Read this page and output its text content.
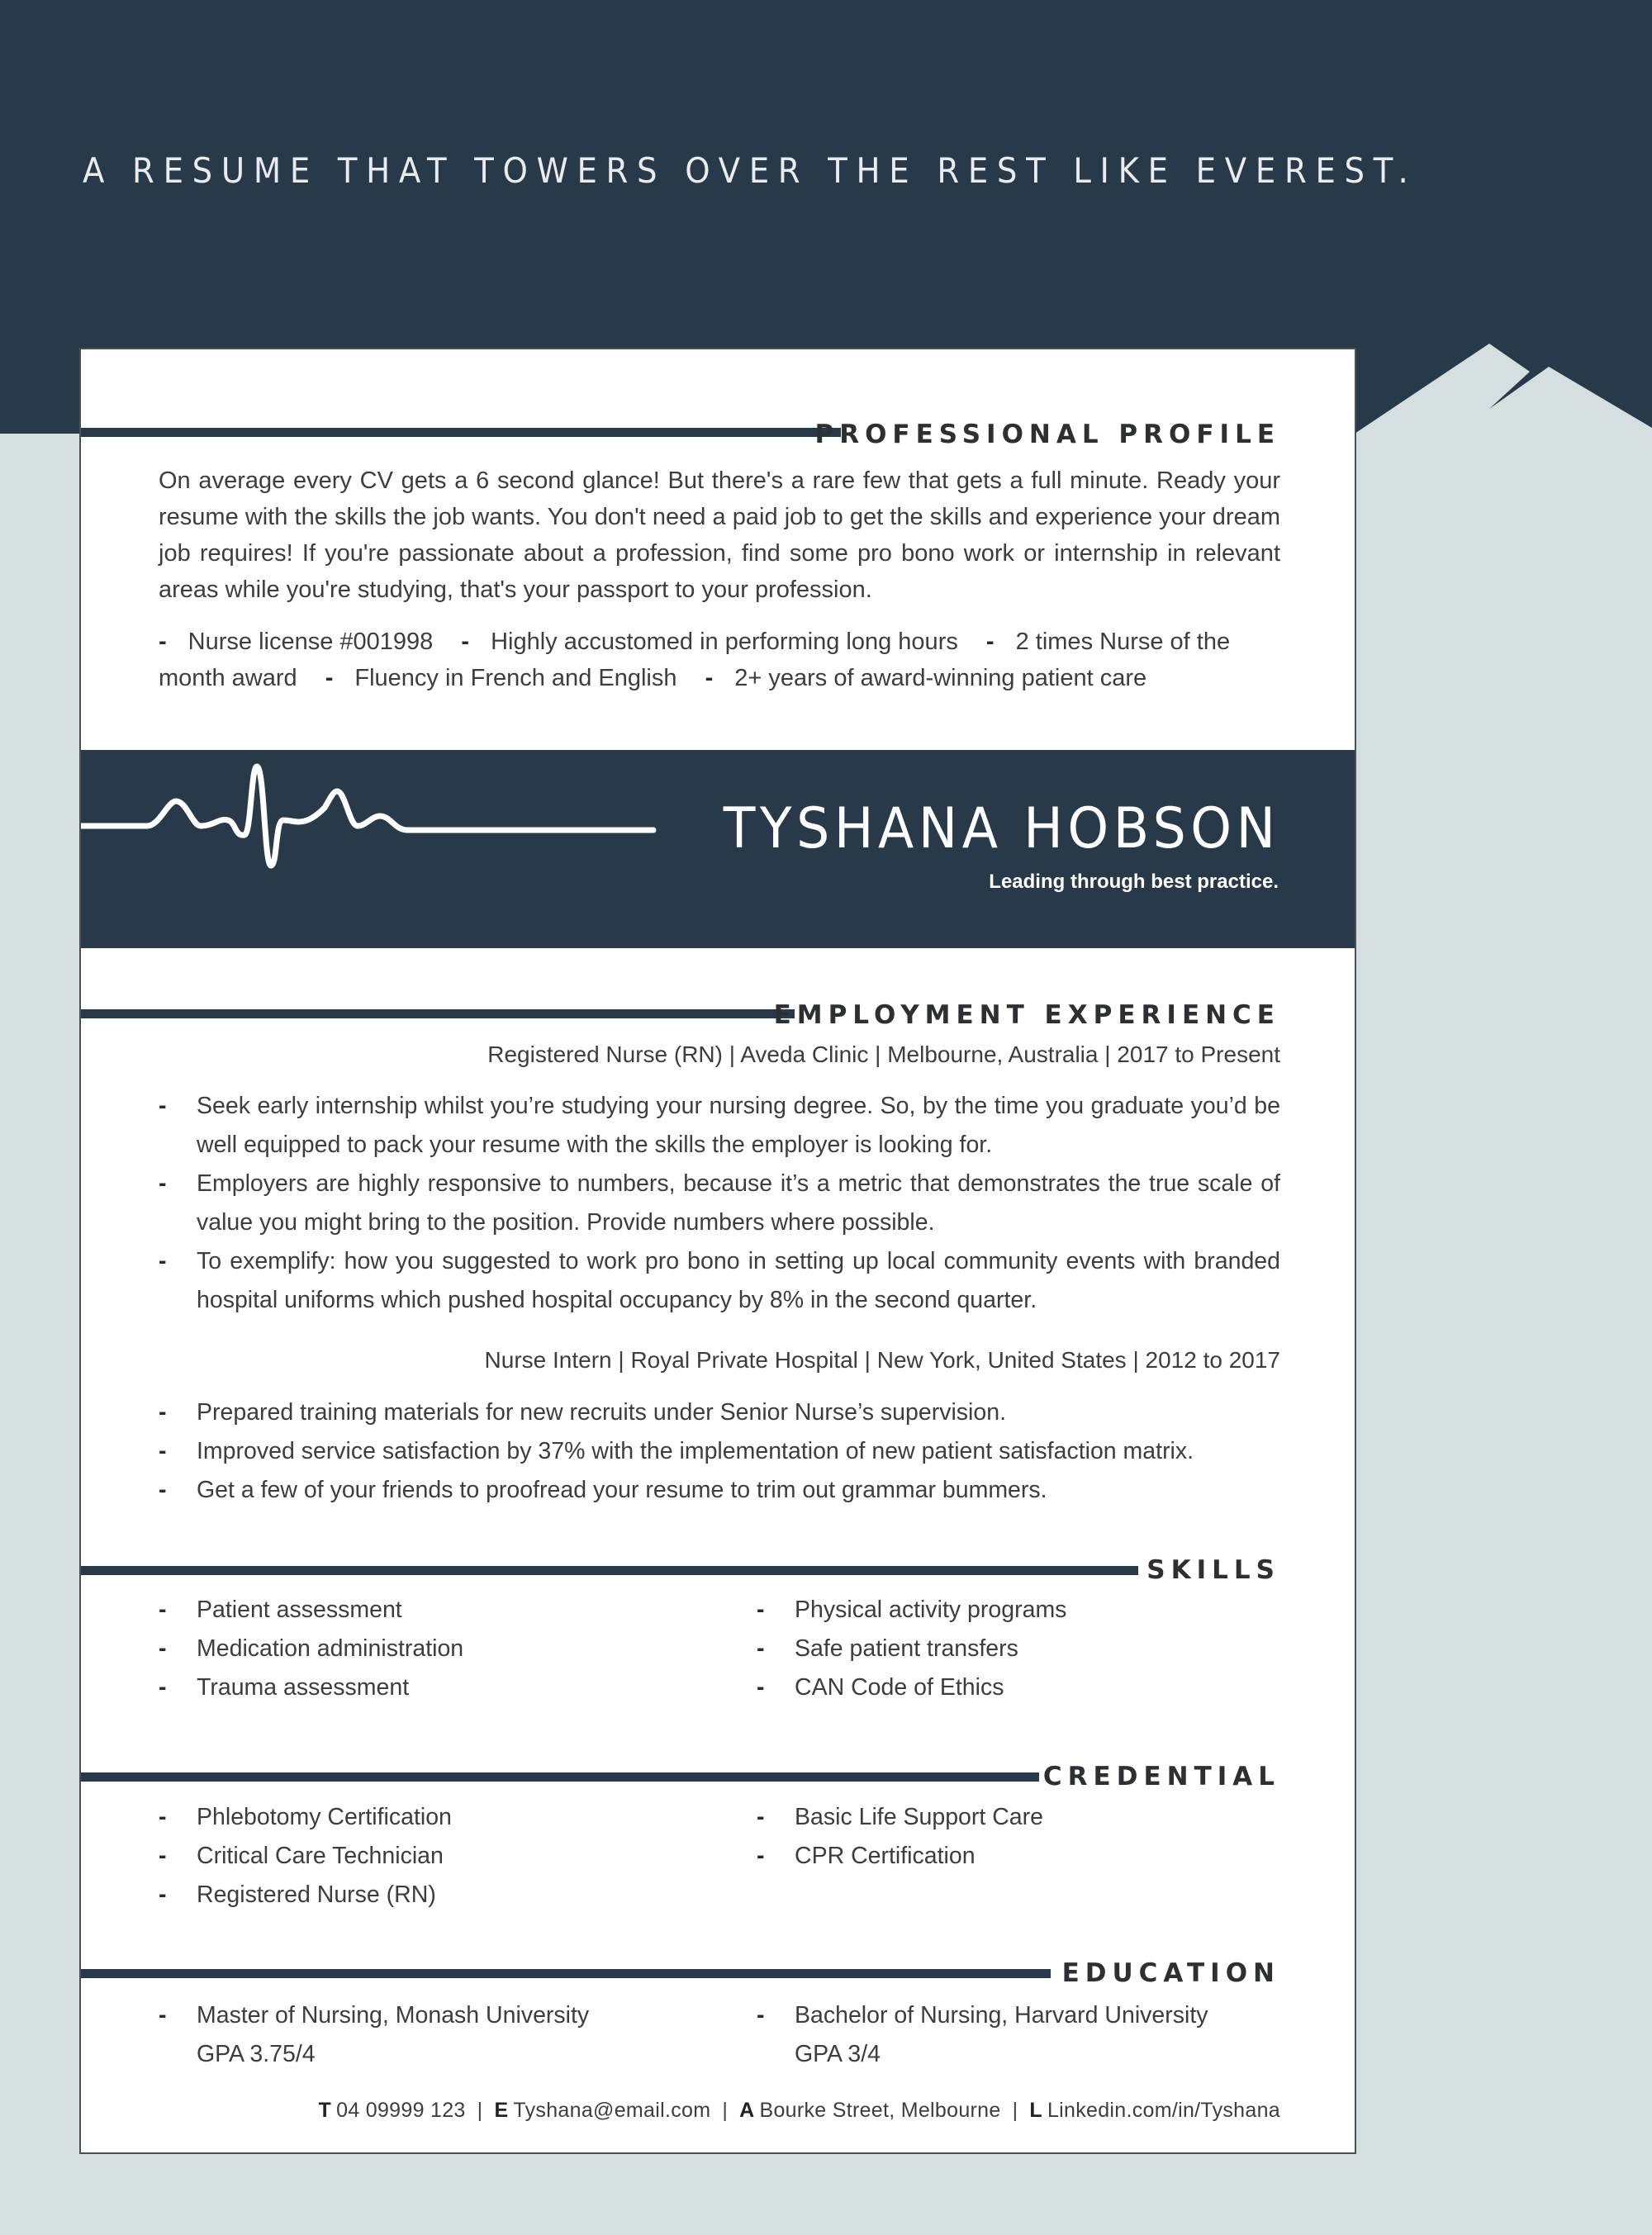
A RESUME THAT TOWERS OVER THE REST LIKE EVEREST.
PROFESSIONAL PROFILE
On average every CV gets a 6 second glance! But there's a rare few that gets a full minute. Ready your resume with the skills the job wants. You don't need a paid job to get the skills and experience your dream job requires! If you're passionate about a profession, find some pro bono work or internship in relevant areas while you're studying, that's your passport to your profession.
- Nurse license #001998 - Highly accustomed in performing long hours - 2 times Nurse of the month award - Fluency in French and English - 2+ years of award-winning patient care
TYSHANA HOBSON
Leading through best practice.
EMPLOYMENT EXPERIENCE
Registered Nurse (RN) | Aveda Clinic | Melbourne, Australia | 2017 to Present
- Seek early internship whilst you’re studying your nursing degree. So, by the time you graduate you’d be well equipped to pack your resume with the skills the employer is looking for.
- Employers are highly responsive to numbers, because it’s a metric that demonstrates the true scale of value you might bring to the position. Provide numbers where possible.
- To exemplify: how you suggested to work pro bono in setting up local community events with branded hospital uniforms which pushed hospital occupancy by 8% in the second quarter.
Nurse Intern | Royal Private Hospital | New York, United States | 2012 to 2017
- Prepared training materials for new recruits under Senior Nurse’s supervision.
- Improved service satisfaction by 37% with the implementation of new patient satisfaction matrix.
- Get a few of your friends to proofread your resume to trim out grammar bummers.
SKILLS
- Patient assessment
- Medication administration
- Trauma assessment
- Physical activity programs
- Safe patient transfers
- CAN Code of Ethics
CREDENTIAL
- Phlebotomy Certification
- Critical Care Technician
- Registered Nurse (RN)
- Basic Life Support Care
- CPR Certification
EDUCATION
- Master of Nursing, Monash University
GPA 3.75/4
- Bachelor of Nursing, Harvard University
GPA 3/4
T 04 09999 123 | E Tyshana@email.com | A Bourke Street, Melbourne | L Linkedin.com/in/Tyshana
